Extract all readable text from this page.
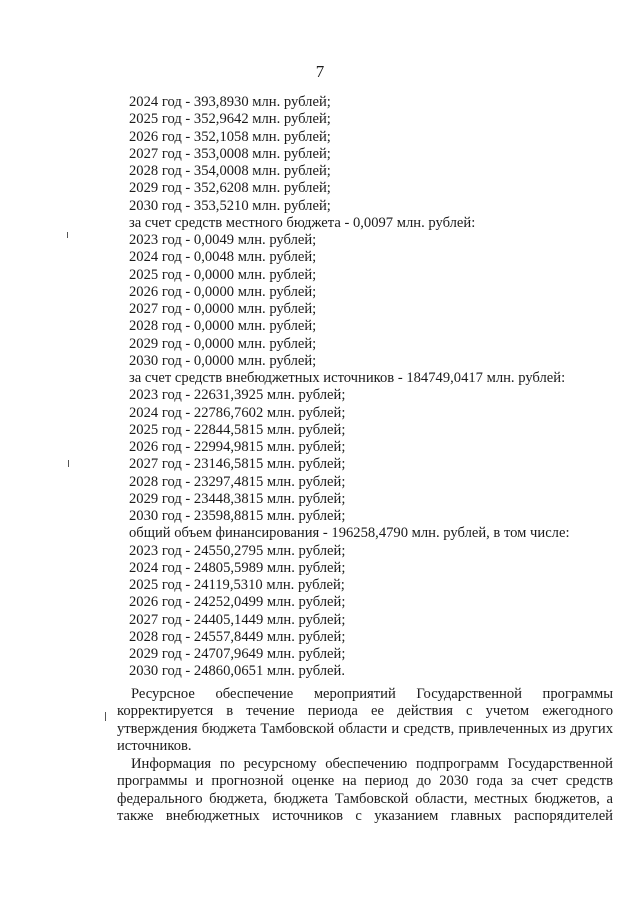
7
2024 год - 393,8930 млн. рублей;
2025 год - 352,9642 млн. рублей;
2026 год - 352,1058 млн. рублей;
2027 год - 353,0008 млн. рублей;
2028 год - 354,0008 млн. рублей;
2029 год - 352,6208 млн. рублей;
2030 год - 353,5210 млн. рублей;
за счет средств местного бюджета - 0,0097 млн. рублей:
2023 год - 0,0049 млн. рублей;
2024 год - 0,0048 млн. рублей;
2025 год - 0,0000 млн. рублей;
2026 год - 0,0000 млн. рублей;
2027 год - 0,0000 млн. рублей;
2028 год - 0,0000 млн. рублей;
2029 год - 0,0000 млн. рублей;
2030 год - 0,0000 млн. рублей;
за счет средств внебюджетных источников - 184749,0417 млн. рублей:
2023 год - 22631,3925 млн. рублей;
2024 год - 22786,7602 млн. рублей;
2025 год - 22844,5815 млн. рублей;
2026 год - 22994,9815 млн. рублей;
2027 год - 23146,5815 млн. рублей;
2028 год - 23297,4815 млн. рублей;
2029 год - 23448,3815 млн. рублей;
2030 год - 23598,8815 млн. рублей;
общий объем финансирования - 196258,4790 млн. рублей, в том числе:
2023 год - 24550,2795 млн. рублей;
2024 год - 24805,5989 млн. рублей;
2025 год - 24119,5310 млн. рублей;
2026 год - 24252,0499 млн. рублей;
2027 год - 24405,1449 млн. рублей;
2028 год - 24557,8449 млн. рублей;
2029 год - 24707,9649 млн. рублей;
2030 год - 24860,0651 млн. рублей.
Ресурсное обеспечение мероприятий Государственной программы
корректируется в течение периода ее действия с учетом ежегодного
утверждения бюджета Тамбовской области и средств, привлеченных из других
источников.
Информация по ресурсному обеспечению подпрограмм Государственной
программы и прогнозной оценке на период до 2030 года за счет средств
федерального бюджета, бюджета Тамбовской области, местных бюджетов, а
также внебюджетных источников с указанием главных распорядителей
